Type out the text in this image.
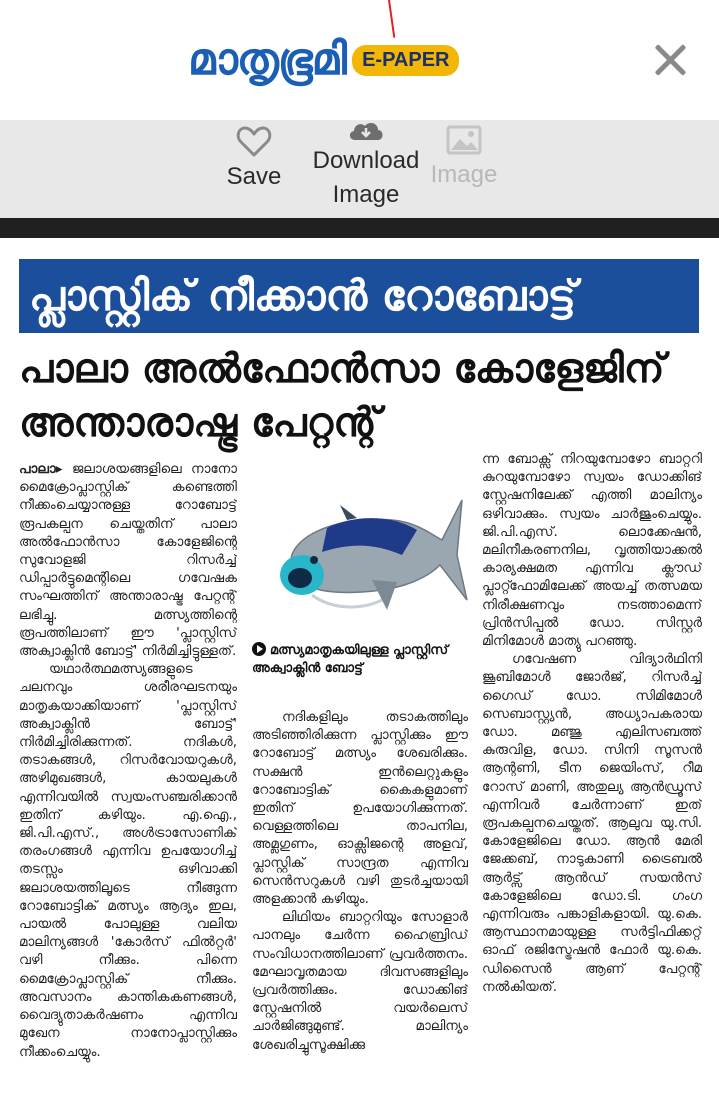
മാതൃഭൂമി E-PAPER
Save
Download
Image
Image
പ്ലാസ്റ്റിക് നീക്കാൻ റോബോട്ട്
പാലാ അൽഫോൻസാ കോളേജിന്
അന്താരാഷ്ട്ര പേറ്റന്റ്

പാലാ▸ ജലാശയങ്ങളിലെ നാനോ മൈക്രോപ്ലാസ്റ്റിക് കണ്ടെത്തി നീക്കംചെയ്യാനുള്ള റോബോട്ട് രൂപകല്പന ചെയ്തതിന് പാലാ അൽഫോൻസാ കോളേജിന്റെ സുവോളജി റിസർച്ച് ഡിപ്പാർട്ടുമെന്റിലെ ഗവേഷക സംഘത്തിന് അന്താരാഷ്ട്ര പേറ്റന്റ് ലഭിച്ചു. മത്സ്യത്തിന്റെ രൂപത്തിലാണ് ഈ 'പ്ലാസ്റ്റിസ് അക്വാക്ലിൻ ബോട്ട്' നിർമിച്ചിട്ടുള്ളത്.

യഥാർത്ഥമത്സ്യങ്ങളുടെ ചലനവും ശരീരഘടനയും മാതൃകയാക്കിയാണ് 'പ്ലാസ്റ്റിസ് അക്വാക്ലിൻ ബോട്ട്' നിർമിച്ചിരിക്കുന്നത്. നദികൾ, തടാകങ്ങൾ, റിസർവോയറുകൾ, അഴിമുഖങ്ങൾ, കായലുകൾ എന്നിവയിൽ സ്വയംസഞ്ചരിക്കാൻ ഇതിന് കഴിയും. എ.ഐ., ജി.പി.എസ്., അൾട്രാസോണിക് തരംഗങ്ങൾ എന്നിവ ഉപയോഗിച്ച് തടസ്സം ഒഴിവാക്കി ജലാശയത്തിലൂടെ നീങ്ങുന്ന റോബോട്ടിക് മത്സ്യം ആദ്യം ഇല, പായൽ പോലുള്ള വലിയ മാലിന്യങ്ങൾ 'കോർസ് ഫിൽറ്റർ' വഴി നീക്കും. പിന്നെ മൈക്രോപ്ലാസ്റ്റിക് നീക്കും. അവസാനം കാന്തികകണങ്ങൾ, വൈദ്യുതാകർഷണം എന്നിവ മുഖേന നാനോപ്ലാസ്റ്റിക്കും നീക്കംചെയ്യും.

മത്സ്യമാതൃകയിലുള്ള പ്ലാസ്റ്റിസ് അക്വാക്ലിൻ ബോട്ട്

നദികളിലും തടാകത്തിലും അടിഞ്ഞിരിക്കുന്ന പ്ലാസ്റ്റിക്കും ഈ റോബോട്ട് മത്സ്യം ശേഖരിക്കും. സക്ഷൻ ഇൻലെറ്റുകളും റോബോട്ടിക് കൈകളുമാണ് ഇതിന് ഉപയോഗിക്കുന്നത്. വെള്ളത്തിലെ താപനില, അമ്ലഗുണം, ഓക്സിജന്റെ അളവ്, പ്ലാസ്റ്റിക് സാന്ദ്രത എന്നിവ സെൻസറുകൾ വഴി തുടർച്ചയായി അളക്കാൻ കഴിയും.

ലിഥിയം ബാറ്ററിയും സോളാർ പാനലും ചേർന്ന ഹൈബ്രിഡ് സംവിധാനത്തിലാണ് പ്രവർത്തനം. മേഘാവൃതമായ ദിവസങ്ങളിലും പ്രവർത്തിക്കും. ഡോക്കിങ് സ്റ്റേഷനിൽ വയർലെസ് ചാർജിങ്ങുമുണ്ട്. മാലിന്യം ശേഖരിച്ചുസൂക്ഷിക്കു

ന്ന ബോക്സ് നിറയുമ്പോഴോ ബാറ്ററി കുറയുമ്പോഴോ സ്വയം ഡോക്കിങ് സ്റ്റേഷനിലേക്ക് എത്തി മാലിന്യം ഒഴിവാക്കും. സ്വയം ചാർജുംചെയ്യും. ജി.പി.എസ്. ലൊക്കേഷൻ, മലിനീകരണനില, വൃത്തിയാക്കൽ കാര്യക്ഷമത എന്നിവ ക്ലൗഡ് പ്ലാറ്റ്ഫോമിലേക്ക് അയച്ച് തത്സമയ നിരീക്ഷണവും നടത്താമെന്ന് പ്രിൻസിപ്പൽ ഡോ. സിസ്റ്റർ മിനിമോൾ മാത്യു പറഞ്ഞു.

ഗവേഷണ വിദ്യാർഥിനി ജൂബിമോൾ ജോർജ്, റിസർച്ച് ഗൈഡ് ഡോ. സിമിമോൾ സെബാസ്റ്റ്യൻ, അധ്യാപകരായ ഡോ. മഞ്ജു എലിസബത്ത് കുരുവിള, ഡോ. സിനി സൂസൻ ആന്റണി, ടീന ജെയിംസ്, റീമ റോസ് മാണി, അതുല്യ ആൻഡ്രൂസ് എന്നിവർ ചേർന്നാണ് ഇത് രൂപകല്പനചെയ്തത്. ആലുവ യു.സി. കോളേജിലെ ഡോ. ആൻ മേരി ജേക്കബ്, നാടുകാണി ട്രൈബൽ ആർട്സ് ആൻഡ് സയൻസ് കോളേജിലെ ഡോ.ടി. ഗംഗ എന്നിവരും പങ്കാളികളായി. യു.കെ. ആസ്ഥാനമായുള്ള സർട്ടിഫിക്കറ്റ് ഓഫ് രജിസ്ട്രേഷൻ ഫോർ യു.കെ. ഡിസൈൻ ആണ് പേറ്റന്റ് നൽകിയത്.
